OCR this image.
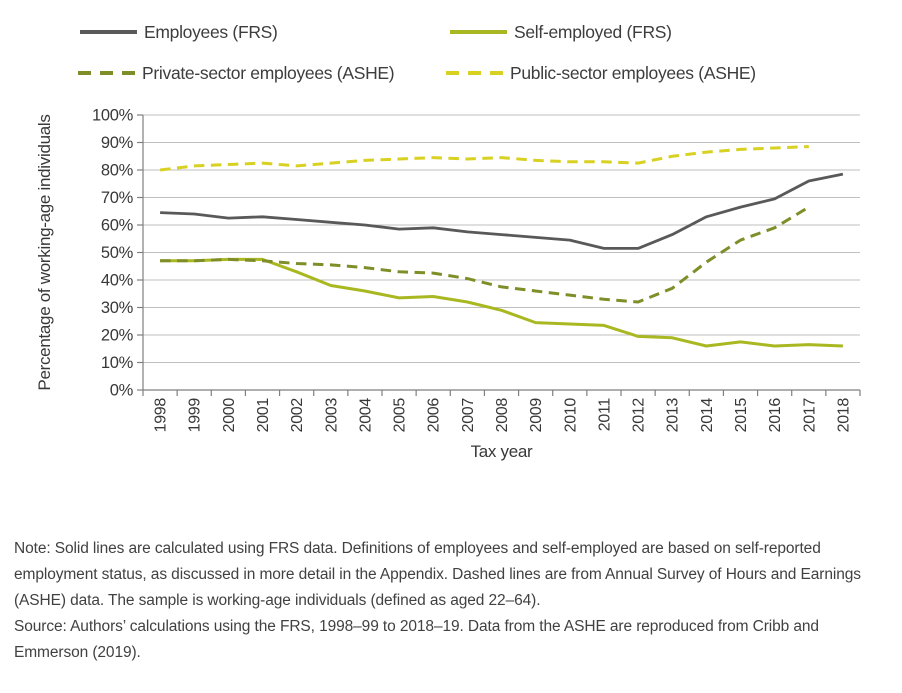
Employees (FRS)	Self-employed (FRS)
Private-sector employees (ASHE)	Public-sector employees (ASHE)
0%
10%
20%
30%
40%
50%
60%
70%
80%
90%
100%
1998 1999 2000 2001 2002 2003 2004 2005 2006 2007 2008 2009 2010 2011 2012 2013 2014 2015 2016 2017 2018
Tax year
Percentage of working-age individuals

Note: Solid lines are calculated using FRS data. Definitions of employees and self-employed are based on self-reported employment status, as discussed in more detail in the Appendix. Dashed lines are from Annual Survey of Hours and Earnings (ASHE) data. The sample is working-age individuals (defined as aged 22–64).

Source: Authors’ calculations using the FRS, 1998–99 to 2018–19. Data from the ASHE are reproduced from Cribb and Emmerson (2019).
